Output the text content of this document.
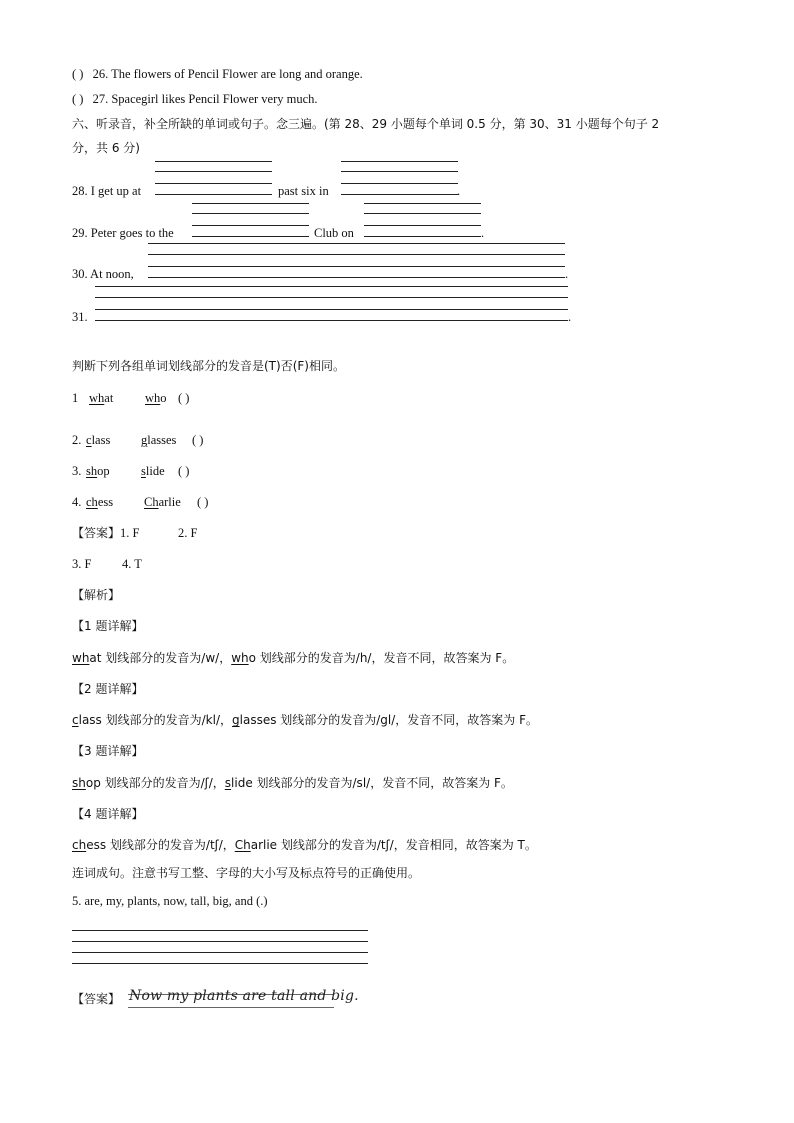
( ) 26. The flowers of Pencil Flower are long and orange.
( ) 27. Spacegirl likes Pencil Flower very much.
六、听录音，补全所缺的单词或句子。念三遍。(第 28、29 小题每个单词 0.5 分，第 30、31 小题每个句子 2
分，共 6 分)
28. I get up at	past six in	.
29. Peter goes to the	Club on	.
30. At noon,	.
31.	.
判断下列各组单词划线部分的发音是(T)否(F)相同。
1 what	who ( )
2. class glasses ( )
3. shop	slide ( )
4. chess Charlie ( )
【答案】1. F	2. F
3. F 4. T
【解析】
【1 题详解】
what 划线部分的发音为/w/，who 划线部分的发音为/h/，发音不同，故答案为 F。
【2 题详解】
class 划线部分的发音为/kl/，glasses 划线部分的发音为/gl/，发音不同，故答案为 F。
【3 题详解】
shop 划线部分的发音为/ʃ/，slide 划线部分的发音为/sl/，发音不同，故答案为 F。
【4 题详解】
chess 划线部分的发音为/tʃ/，Charlie 划线部分的发音为/tʃ/，发音相同，故答案为 T。
连词成句。注意书写工整、字母的大小写及标点符号的正确使用。
5. are, my, plants, now, tall, big, and (.)
【答案】 Now my plants are tall and big.
